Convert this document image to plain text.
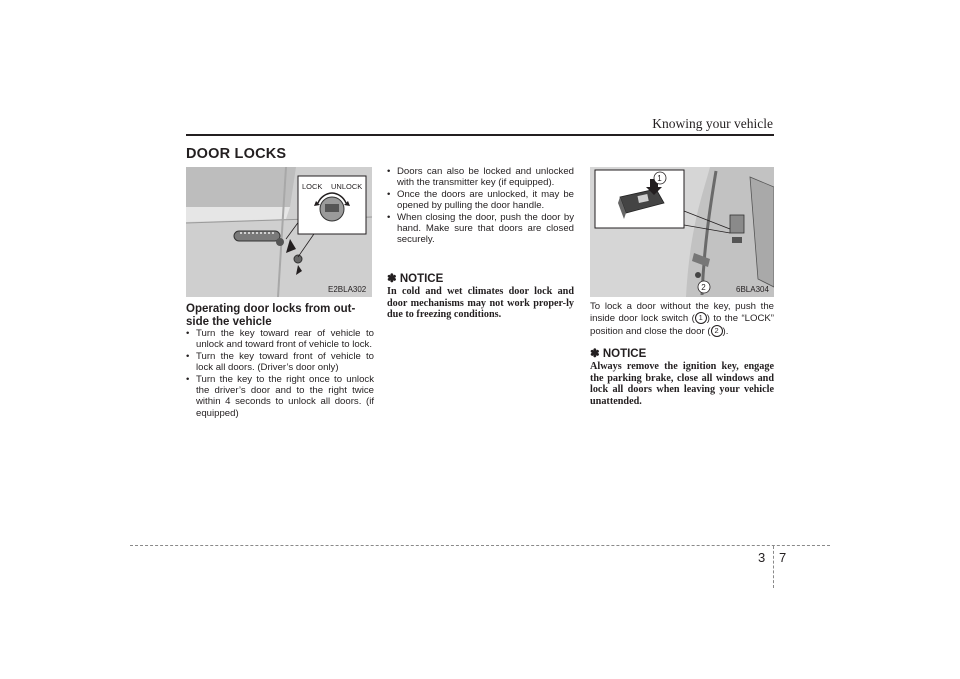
Knowing your vehicle
DOOR LOCKS
LOCK UNLOCK
E2BLA302
Operating door locks from out-side the vehicle
• Turn the key toward rear of vehicle to unlock and toward front of vehicle to lock.
• Turn the key toward front of vehicle to lock all doors. (Driver’s door only)
• Turn the key to the right once to unlock the driver’s door and to the right twice within 4 seconds to unlock all doors. (if equipped)
• Doors can also be locked and unlocked with the transmitter key (if equipped).
• Once the doors are unlocked, it may be opened by pulling the door handle.
• When closing the door, push the door by hand. Make sure that doors are closed securely.
✽ NOTICE
In cold and wet climates door lock and door mechanisms may not work proper-ly due to freezing conditions.
1
2	6BLA304
To lock a door without the key, push the inside door lock switch ( 1 ) to the “LOCK” position and close the door ( 2 ).
✽ NOTICE
Always remove the ignition key, engage the parking brake, close all windows and lock all doors when leaving your vehicle unattended.
3 7
